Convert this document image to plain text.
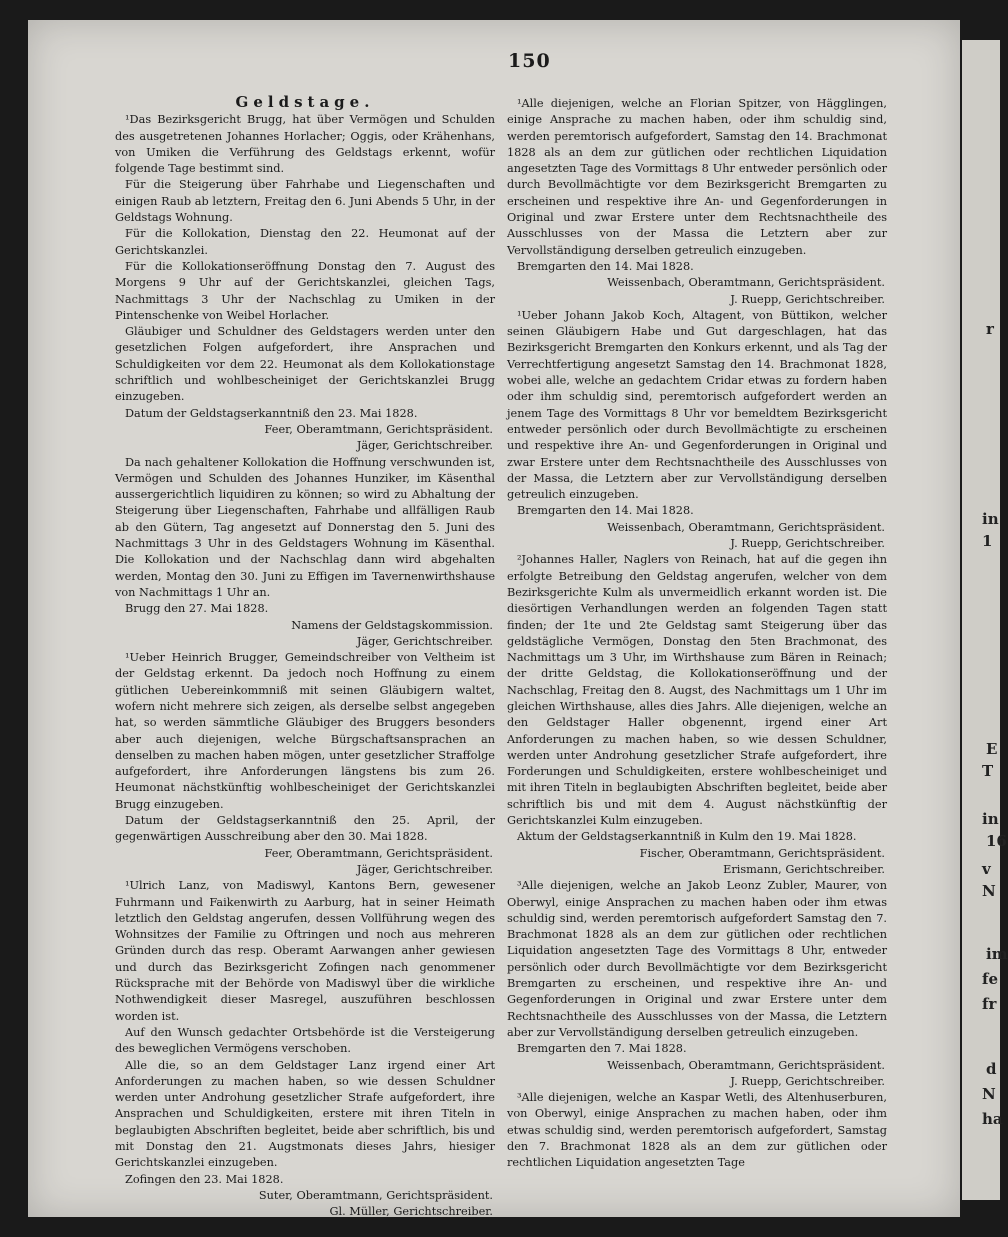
r
in
1
E
T
in
16
v
N
im
fe
fr
d
N
ha
150
Geldstage.
¹Das Bezirksgericht Brugg, hat über Vermögen und Schulden des ausgetretenen Johannes Horlacher; Oggis, oder Krähenhans, von Umiken die Verführung des Geldstags erkennt, wofür folgende Tage bestimmt sind.
Für die Steigerung über Fahrhabe und Liegenschaften und einigen Raub ab letztern, Freitag den 6. Juni Abends 5 Uhr, in der Geldstags Wohnung.
Für die Kollokation, Dienstag den 22. Heumonat auf der Gerichtskanzlei.
Für die Kollokationseröffnung Donstag den 7. August des Morgens 9 Uhr auf der Gerichtskanzlei, gleichen Tags, Nachmittags 3 Uhr der Nachschlag zu Umiken in der Pintenschenke von Weibel Horlacher.
Gläubiger und Schuldner des Geldstagers werden unter den gesetzlichen Folgen aufgefordert, ihre Ansprachen und Schuldigkeiten vor dem 22. Heumonat als dem Kollokationstage schriftlich und wohlbescheiniget der Gerichtskanzlei Brugg einzugeben.
Datum der Geldstagserkanntniß den 23. Mai 1828.
Feer, Oberamtmann, Gerichtspräsident.
Jäger, Gerichtschreiber.
Da nach gehaltener Kollokation die Hoffnung verschwunden ist, Vermögen und Schulden des Johannes Hunziker, im Käsenthal aussergerichtlich liquidiren zu können; so wird zu Abhaltung der Steigerung über Liegenschaften, Fahrhabe und allfälligen Raub ab den Gütern, Tag angesetzt auf Donnerstag den 5. Juni des Nachmittags 3 Uhr in des Geldstagers Wohnung im Käsenthal. Die Kollokation und der Nachschlag dann wird abgehalten werden, Montag den 30. Juni zu Effigen im Tavernenwirthshause von Nachmittags 1 Uhr an.
Brugg den 27. Mai 1828.
Namens der Geldstagskommission.
Jäger, Gerichtschreiber.
¹Ueber Heinrich Brugger, Gemeindschreiber von Veltheim ist der Geldstag erkennt. Da jedoch noch Hoffnung zu einem gütlichen Uebereinkommniß mit seinen Gläubigern waltet, wofern nicht mehrere sich zeigen, als derselbe selbst angegeben hat, so werden sämmtliche Gläubiger des Bruggers besonders aber auch diejenigen, welche Bürgschaftsansprachen an denselben zu machen haben mögen, unter gesetzlicher Straffolge aufgefordert, ihre Anforderungen längstens bis zum 26. Heumonat nächstkünftig wohlbescheiniget der Gerichtskanzlei Brugg einzugeben.
Datum der Geldstagserkanntniß den 25. April, der gegenwärtigen Ausschreibung aber den 30. Mai 1828.
Feer, Oberamtmann, Gerichtspräsident.
Jäger, Gerichtschreiber.
¹Ulrich Lanz, von Madiswyl, Kantons Bern, gewesener Fuhrmann und Faikenwirth zu Aarburg, hat in seiner Heimath letztlich den Geldstag angerufen, dessen Vollführung wegen des Wohnsitzes der Familie zu Oftringen und noch aus mehreren Gründen durch das resp. Oberamt Aarwangen anher gewiesen und durch das Bezirksgericht Zofingen nach genommener Rücksprache mit der Behörde von Madiswyl über die wirkliche Nothwendigkeit dieser Masregel, auszuführen beschlossen worden ist.
Auf den Wunsch gedachter Ortsbehörde ist die Versteigerung des beweglichen Vermögens verschoben.
Alle die, so an dem Geldstager Lanz irgend einer Art Anforderungen zu machen haben, so wie dessen Schuldner werden unter Androhung gesetzlicher Strafe aufgefordert, ihre Ansprachen und Schuldigkeiten, erstere mit ihren Titeln in beglaubigten Abschriften begleitet, beide aber schriftlich, bis und mit Donstag den 21. Augstmonats dieses Jahrs, hiesiger Gerichtskanzlei einzugeben.
Zofingen den 23. Mai 1828.
Suter, Oberamtmann, Gerichtspräsident.
Gl. Müller, Gerichtschreiber.
¹Alle diejenigen, welche an Florian Spitzer, von Hägglingen, einige Ansprache zu machen haben, oder ihm schuldig sind, werden peremtorisch aufgefordert, Samstag den 14. Brachmonat 1828 als an dem zur gütlichen oder rechtlichen Liquidation angesetzten Tage des Vormittags 8 Uhr entweder persönlich oder durch Bevollmächtigte vor dem Bezirksgericht Bremgarten zu erscheinen und respektive ihre An- und Gegenforderungen in Original und zwar Erstere unter dem Rechtsnachtheile des Ausschlusses von der Massa die Letztern aber zur Vervollständigung derselben getreulich einzugeben.
Bremgarten den 14. Mai 1828.
Weissenbach, Oberamtmann, Gerichtspräsident.
J. Ruepp, Gerichtschreiber.
¹Ueber Johann Jakob Koch, Altagent, von Büttikon, welcher seinen Gläubigern Habe und Gut dargeschlagen, hat das Bezirksgericht Bremgarten den Konkurs erkennt, und als Tag der Verrechtfertigung angesetzt Samstag den 14. Brachmonat 1828, wobei alle, welche an gedachtem Cridar etwas zu fordern haben oder ihm schuldig sind, peremtorisch aufgefordert werden an jenem Tage des Vormittags 8 Uhr vor bemeldtem Bezirksgericht entweder persönlich oder durch Bevollmächtigte zu erscheinen und respektive ihre An- und Gegenforderungen in Original und zwar Erstere unter dem Rechtsnachtheile des Ausschlusses von der Massa, die Letztern aber zur Vervollständigung derselben getreulich einzugeben.
Bremgarten den 14. Mai 1828.
Weissenbach, Oberamtmann, Gerichtspräsident.
J. Ruepp, Gerichtschreiber.
²Johannes Haller, Naglers von Reinach, hat auf die gegen ihn erfolgte Betreibung den Geldstag angerufen, welcher von dem Bezirksgerichte Kulm als unvermeidlich erkannt worden ist. Die diesörtigen Verhandlungen werden an folgenden Tagen statt finden; der 1te und 2te Geldstag samt Steigerung über das geldstägliche Vermögen, Donstag den 5ten Brachmonat, des Nachmittags um 3 Uhr, im Wirthshause zum Bären in Reinach; der dritte Geldstag, die Kollokationseröffnung und der Nachschlag, Freitag den 8. Augst, des Nachmittags um 1 Uhr im gleichen Wirthshause, alles dies Jahrs. Alle diejenigen, welche an den Geldstager Haller obgenennt, irgend einer Art Anforderungen zu machen haben, so wie dessen Schuldner, werden unter Androhung gesetzlicher Strafe aufgefordert, ihre Forderungen und Schuldigkeiten, erstere wohlbescheiniget und mit ihren Titeln in beglaubigten Abschriften begleitet, beide aber schriftlich bis und mit dem 4. August nächstkünftig der Gerichtskanzlei Kulm einzugeben.
Aktum der Geldstagserkanntniß in Kulm den 19. Mai 1828.
Fischer, Oberamtmann, Gerichtspräsident.
Erismann, Gerichtschreiber.
³Alle diejenigen, welche an Jakob Leonz Zubler, Maurer, von Oberwyl, einige Ansprachen zu machen haben oder ihm etwas schuldig sind, werden peremtorisch aufgefordert Samstag den 7. Brachmonat 1828 als an dem zur gütlichen oder rechtlichen Liquidation angesetzten Tage des Vormittags 8 Uhr, entweder persönlich oder durch Bevollmächtigte vor dem Bezirksgericht Bremgarten zu erscheinen, und respektive ihre An- und Gegenforderungen in Original und zwar Erstere unter dem Rechtsnachtheile des Ausschlusses von der Massa, die Letztern aber zur Vervollständigung derselben getreulich einzugeben.
Bremgarten den 7. Mai 1828.
Weissenbach, Oberamtmann, Gerichtspräsident.
J. Ruepp, Gerichtschreiber.
³Alle diejenigen, welche an Kaspar Wetli, des Altenhuserburen, von Oberwyl, einige Ansprachen zu machen haben, oder ihm etwas schuldig sind, werden peremtorisch aufgefordert, Samstag den 7. Brachmonat 1828 als an dem zur gütlichen oder rechtlichen Liquidation angesetzten Tage
